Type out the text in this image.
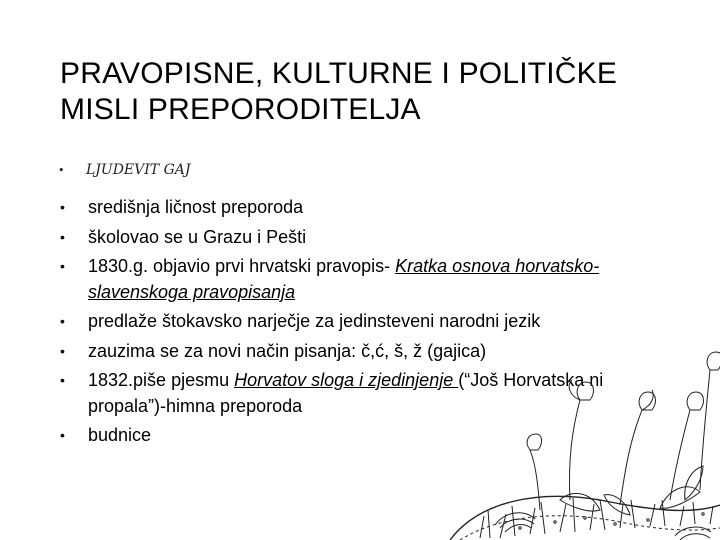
PRAVOPISNE, KULTURNE I POLITIČKE
MISLI PREPORODITELJA
• LJUDEVIT GAJ
• središnja ličnost preporoda
• školovao se u Grazu i Pešti
• 1830.g. objavio prvi hrvatski pravopis- Kratka osnova horvatsko-slavenskoga pravopisanja
• predlaže štokavsko narječje za jedinsteveni narodni jezik
• zauzima se za novi način pisanja: č,ć, š, ž (gajica)
• 1832.piše pjesmu Horvatov sloga i zjedinjenje (“Još Horvatska ni propala”)-himna preporoda
• budnice
